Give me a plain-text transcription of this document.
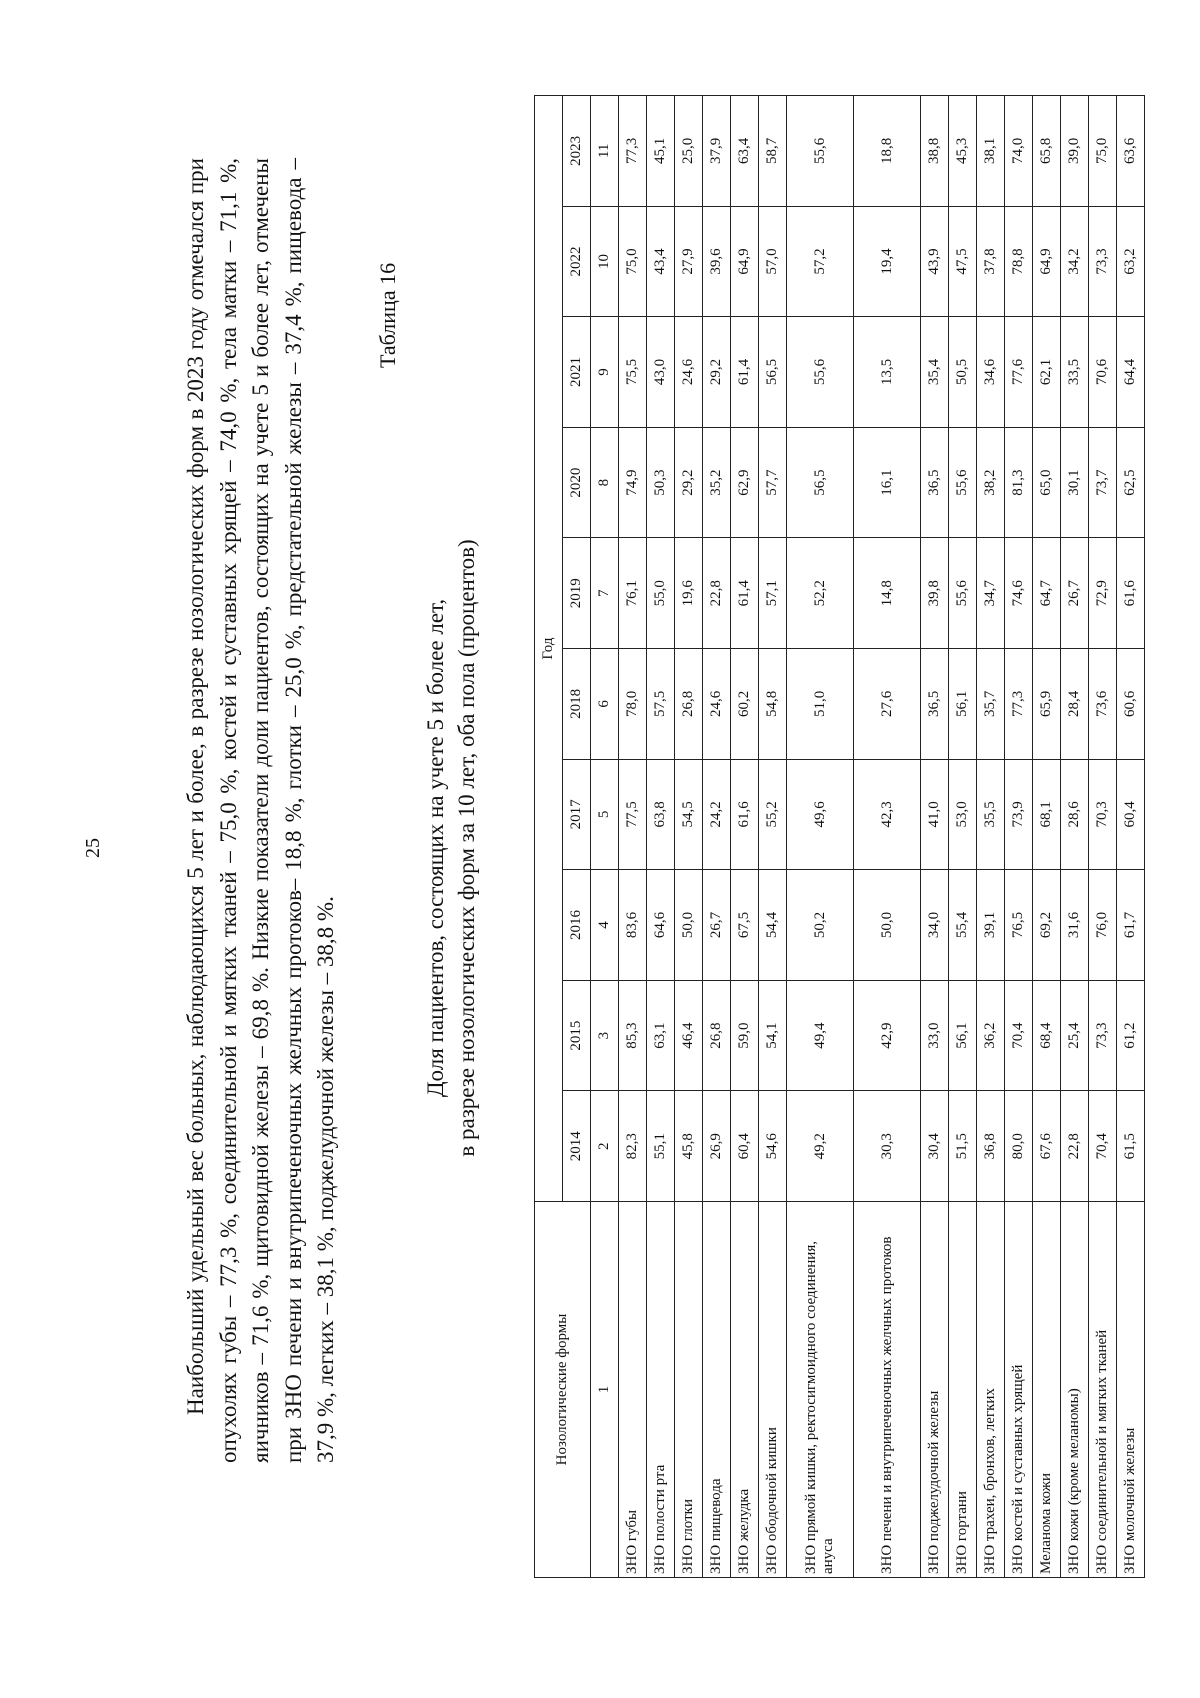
25	Наибольший удельный вес больных, наблюдающихся 5 лет и более, в разрезе нозологических форм в 2023 году отмечался при опухолях губы – 77,3 %, соединительной и мягких тканей – 75,0 %, костей и суставных хрящей – 74,0 %, тела матки – 71,1 %, яичников – 71,6 %, щитовидной железы – 69,8 %. Низкие показатели доли пациентов, состоящих на учете 5 и более лет, отмечены при ЗНО печени и внутрипеченочных желчных протоков– 18,8 %, глотки – 25,0 %, предстательной железы – 37,4 %, пищевода – 37,9 %, легких – 38,1 %, поджелудочной железы – 38,8 %.

Таблица 16
Доля пациентов, состоящих на учете 5 и более лет, в разрезе нозологических форм за 10 лет, оба пола (процентов)
Нозологические формы	Год									
	2014	2015	2016	2017	2018	2019	2020	2021	2022	2023
1	2	3	4	5	6	7	8	9	10	11
ЗНО губы	82,3	85,3	83,6	77,5	78,0	76,1	74,9	75,5	75,0	77,3
ЗНО полости рта	55,1	63,1	64,6	63,8	57,5	55,0	50,3	43,0	43,4	45,1
ЗНО глотки	45,8	46,4	50,0	54,5	26,8	19,6	29,2	24,6	27,9	25,0
ЗНО пищевода	26,9	26,8	26,7	24,2	24,6	22,8	35,2	29,2	39,6	37,9
ЗНО желудка	60,4	59,0	67,5	61,6	60,2	61,4	62,9	61,4	64,9	63,4
ЗНО ободочной кишки	54,6	54,1	54,4	55,2	54,8	57,1	57,7	56,5	57,0	58,7
ЗНО прямой кишки, ректосигмоидного соединения, ануса	49,2	49,4	50,2	49,6	51,0	52,2	56,5	55,6	57,2	55,6
ЗНО печени и внутрипеченочных желчных протоков	30,3	42,9	50,0	42,3	27,6	14,8	16,1	13,5	19,4	18,8
ЗНО поджелудочной железы	30,4	33,0	34,0	41,0	36,5	39,8	36,5	35,4	43,9	38,8
ЗНО гортани	51,5	56,1	55,4	53,0	56,1	55,6	55,6	50,5	47,5	45,3
ЗНО трахеи, бронхов, легких	36,8	36,2	39,1	35,5	35,7	34,7	38,2	34,6	37,8	38,1
ЗНО костей и суставных хрящей	80,0	70,4	76,5	73,9	77,3	74,6	81,3	77,6	78,8	74,0
Меланома кожи	67,6	68,4	69,2	68,1	65,9	64,7	65,0	62,1	64,9	65,8
ЗНО кожи (кроме меланомы)	22,8	25,4	31,6	28,6	28,4	26,7	30,1	33,5	34,2	39,0
ЗНО соединительной и мягких тканей	70,4	73,3	76,0	70,3	73,6	72,9	73,7	70,6	73,3	75,0
ЗНО молочной железы	61,5	61,2	61,7	60,4	60,6	61,6	62,5	64,4	63,2	63,6
